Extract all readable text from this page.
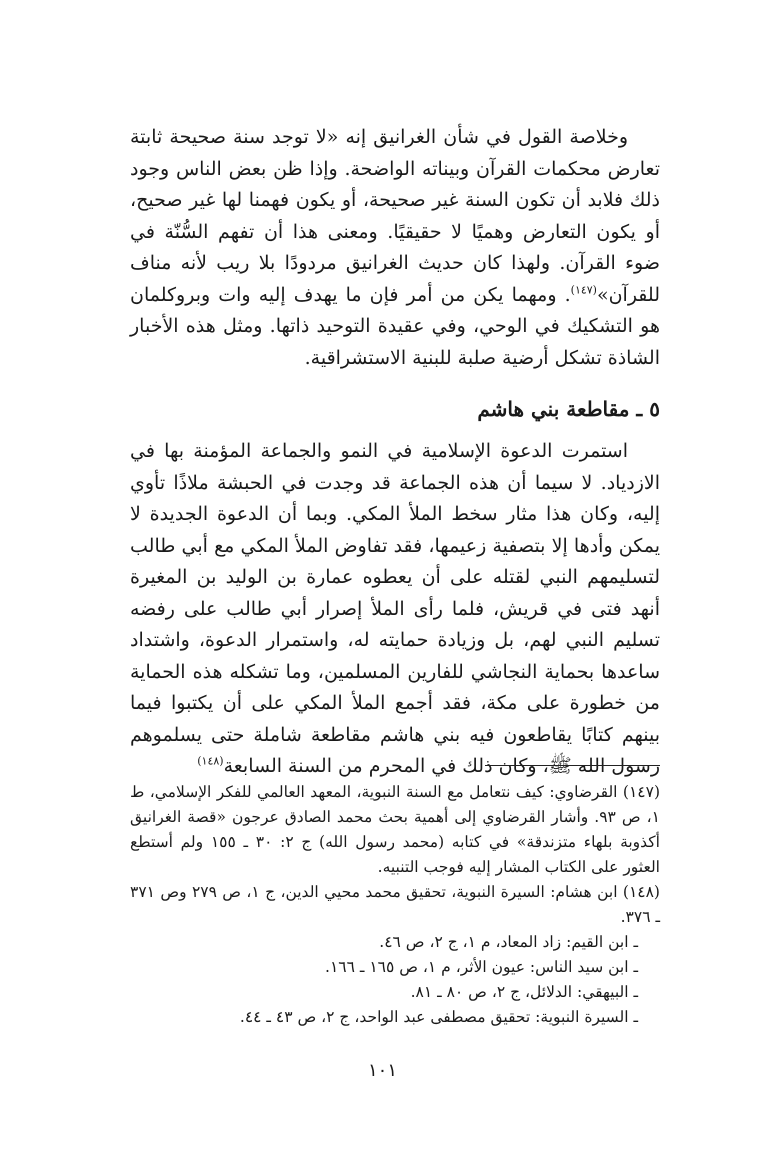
وخلاصة القول في شأن الغرانيق إنه «لا توجد سنة صحيحة ثابتة تعارض محكمات القرآن وبيناته الواضحة. وإذا ظن بعض الناس وجود ذلك فلابد أن تكون السنة غير صحيحة، أو يكون فهمنا لها غير صحيح، أو يكون التعارض وهميًا لا حقيقيًا. ومعنى هذا أن تفهم السُّنّة في ضوء القرآن. ولهذا كان حديث الغرانيق مردودًا بلا ريب لأنه مناف للقرآن»$^{(١٤٧)}$. ومهما يكن من أمر فإن ما يهدف إليه وات وبروكلمان هو التشكيك في الوحي، وفي عقيدة التوحيد ذاتها. ومثل هذه الأخبار الشاذة تشكل أرضية صلبة للبنية الاستشراقية.

٥ ـ مقاطعة بني هاشم

استمرت الدعوة الإسلامية في النمو والجماعة المؤمنة بها في الازدياد. لا سيما أن هذه الجماعة قد وجدت في الحبشة ملاذًا تأوي إليه، وكان هذا مثار سخط الملأ المكي. وبما أن الدعوة الجديدة لا يمكن وأدها إلا بتصفية زعيمها، فقد تفاوض الملأ المكي مع أبي طالب لتسليمهم النبي لقتله على أن يعطوه عمارة بن الوليد بن المغيرة أنهد فتى في قريش، فلما رأى الملأ إصرار أبي طالب على رفضه تسليم النبي لهم، بل وزيادة حمايته له، واستمرار الدعوة، واشتداد ساعدها بحماية النجاشي للفارين المسلمين، وما تشكله هذه الحماية من خطورة على مكة، فقد أجمع الملأ المكي على أن يكتبوا فيما بينهم كتابًا يقاطعون فيه بني هاشم مقاطعة شاملة حتى يسلموهم رسول الله ﷺ، وكان ذلك في المحرم من السنة السابعة$^{(١٤٨)}$

(١٤٧) القرضاوي: كيف نتعامل مع السنة النبوية، المعهد العالمي للفكر الإسلامي، ط ١، ص ٩٣. وأشار القرضاوي إلى أهمية بحث محمد الصادق عرجون «قصة الغرانيق أكذوبة بلهاء متزندقة» في كتابه (محمد رسول الله) ج ٢: ٣٠ ـ ١٥٥ ولم أستطع العثور على الكتاب المشار إليه فوجب التنبيه.

(١٤٨) ابن هشام: السيرة النبوية، تحقيق محمد محيي الدين، ج ١، ص ٢٧٩ وص ٣٧١ ـ ٣٧٦.

ـ ابن القيم: زاد المعاد، م ١، ج ٢، ص ٤٦.

ـ ابن سيد الناس: عيون الأثر، م ١، ص ١٦٥ ـ ١٦٦.

ـ البيهقي: الدلائل، ج ٢، ص ٨٠ ـ ٨١.

ـ السيرة النبوية: تحقيق مصطفى عبد الواحد، ج ٢، ص ٤٣ ـ ٤٤.

١٠١
